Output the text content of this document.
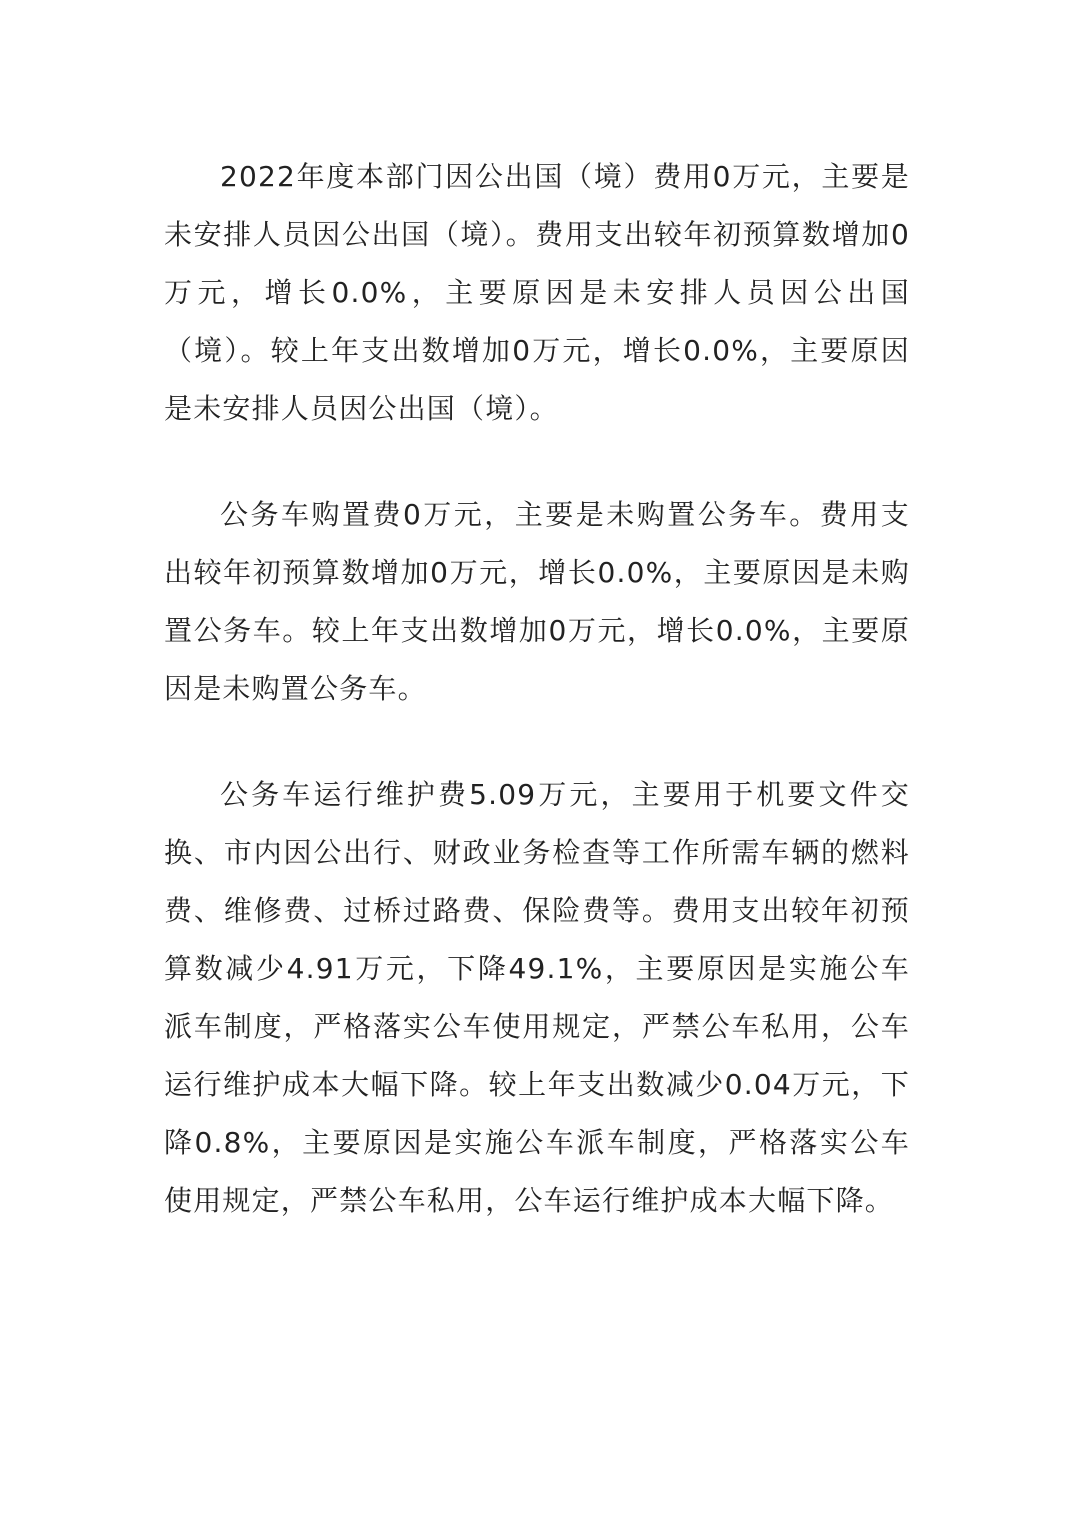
2022年度本部门因公出国（境）费用0万元，主要是未安排人员因公出国（境）。费用支出较年初预算数增加0万元，增长0.0%，主要原因是未安排人员因公出国（境）。较上年支出数增加0万元，增长0.0%，主要原因是未安排人员因公出国（境）。

公务车购置费0万元，主要是未购置公务车。费用支出较年初预算数增加0万元，增长0.0%，主要原因是未购置公务车。较上年支出数增加0万元，增长0.0%，主要原因是未购置公务车。

公务车运行维护费5.09万元，主要用于机要文件交换、市内因公出行、财政业务检查等工作所需车辆的燃料费、维修费、过桥过路费、保险费等。费用支出较年初预算数减少4.91万元，下降49.1%，主要原因是实施公车派车制度，严格落实公车使用规定，严禁公车私用，公车运行维护成本大幅下降。较上年支出数减少0.04万元，下降0.8%，主要原因是实施公车派车制度，严格落实公车使用规定，严禁公车私用，公车运行维护成本大幅下降。
